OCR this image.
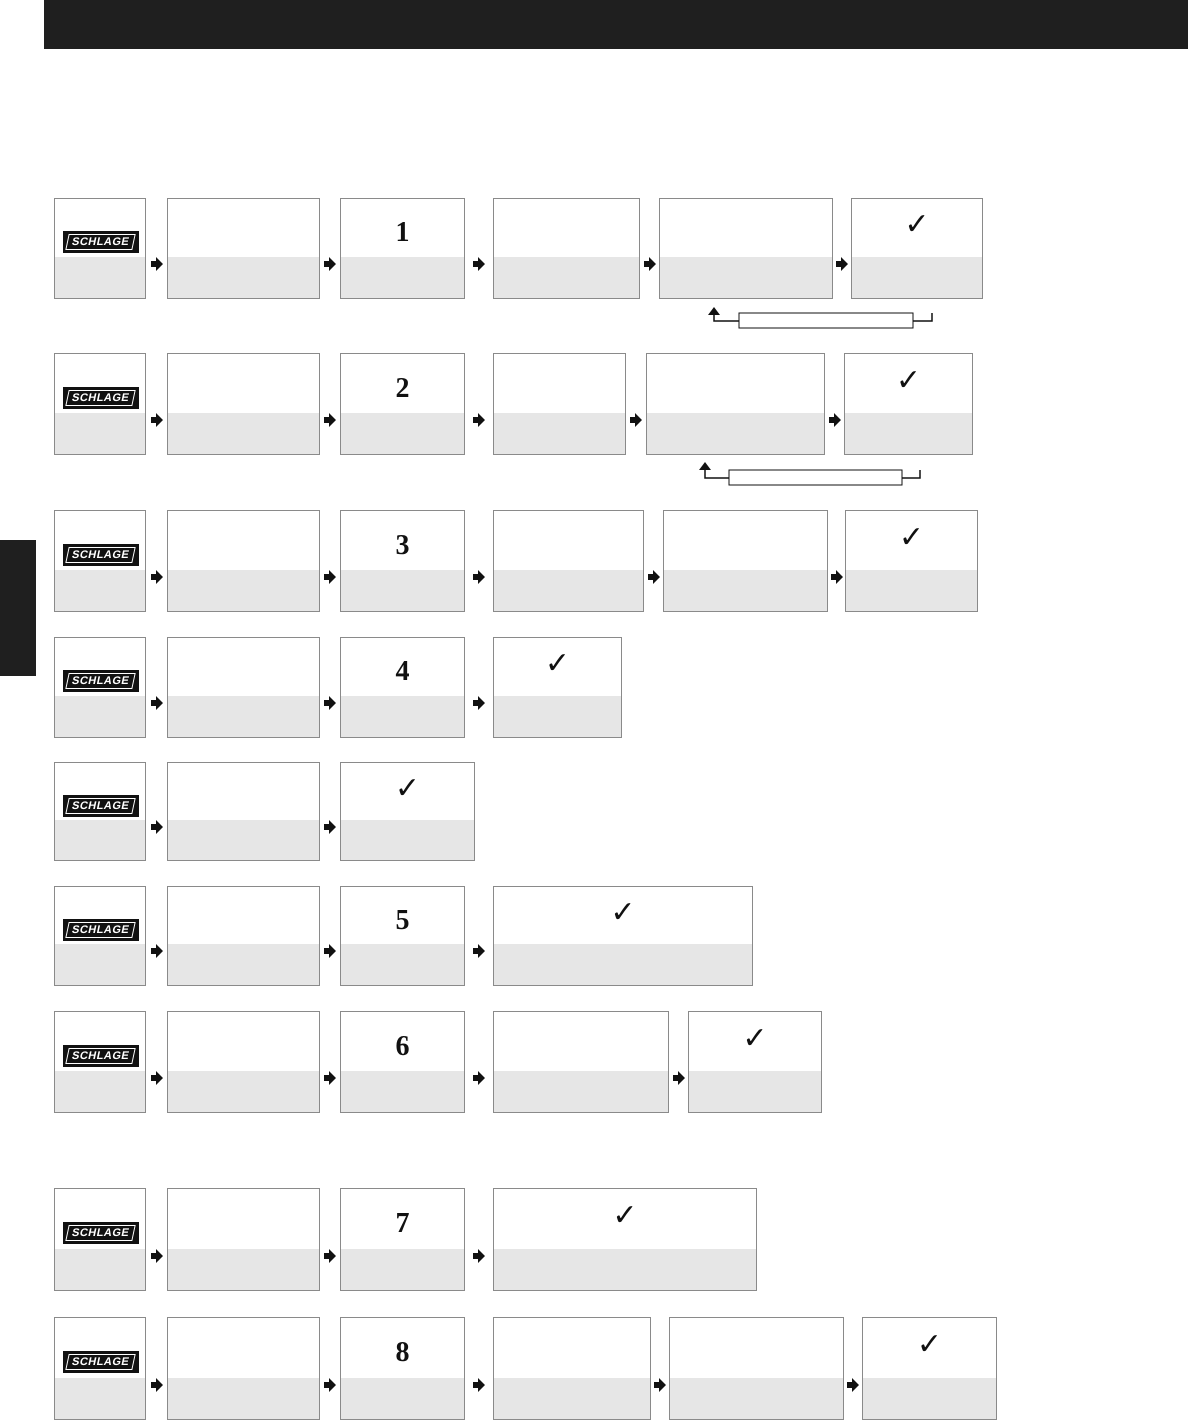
SCHLAGE	1	✓
SCHLAGE	2	✓
SCHLAGE	3	✓
SCHLAGE	4	✓
SCHLAGE	✓
SCHLAGE	5	✓
SCHLAGE	6	✓
SCHLAGE	7	✓
SCHLAGE	8	✓
